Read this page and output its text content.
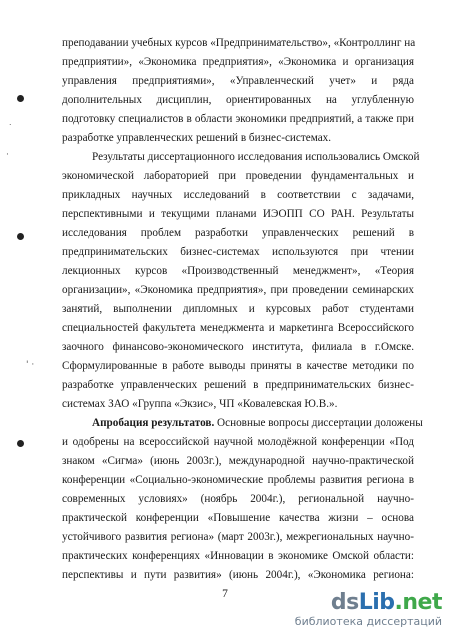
преподавании учебных курсов «Предпринимательство», «Контроллинг на
предприятии», «Экономика предприятия», «Экономика и организация
управления предприятиями», «Управленческий учет» и ряда
дополнительных дисциплин, ориентированных на углубленную
подготовку специалистов в области экономики предприятий, а также при
разработке управленческих решений в бизнес-системах.
Результаты диссертационного исследования использовались Омской
экономической лабораторией при проведении фундаментальных и
прикладных научных исследований в соответствии с задачами,
перспективными и текущими планами ИЭОПП СО РАН. Результаты
исследования проблем разработки управленческих решений в
предпринимательских бизнес-системах используются при чтении
лекционных курсов «Производственный менеджмент», «Теория
организации», «Экономика предприятия», при проведении семинарских
занятий, выполнении дипломных и курсовых работ студентами
специальностей факультета менеджмента и маркетинга Всероссийского
заочного финансово-экономического института, филиала в г.Омске.
Сформулированные в работе выводы приняты в качестве методики по
разработке управленческих решений в предпринимательских бизнес-
системах ЗАО «Группа «Экзис», ЧП «Ковалевская Ю.В.».
Апробация результатов. Основные вопросы диссертации доложены
и одобрены на всероссийской научной молодёжной конференции «Под
знаком «Сигма» (июнь 2003г.), международной научно-практической
конференции «Социально-экономические проблемы развития региона в
современных условиях» (ноябрь 2004г.), региональной научно-
практической конференции «Повышение качества жизни – основа
устойчивого развития региона» (март 2003г.), межрегиональных научно-
практических конференциях «Инновации в экономике Омской области:
перспективы и пути развития» (июнь 2004г.), «Экономика региона:
˙
·
' ·
7	dsLib.net
библиотека диссертаций
